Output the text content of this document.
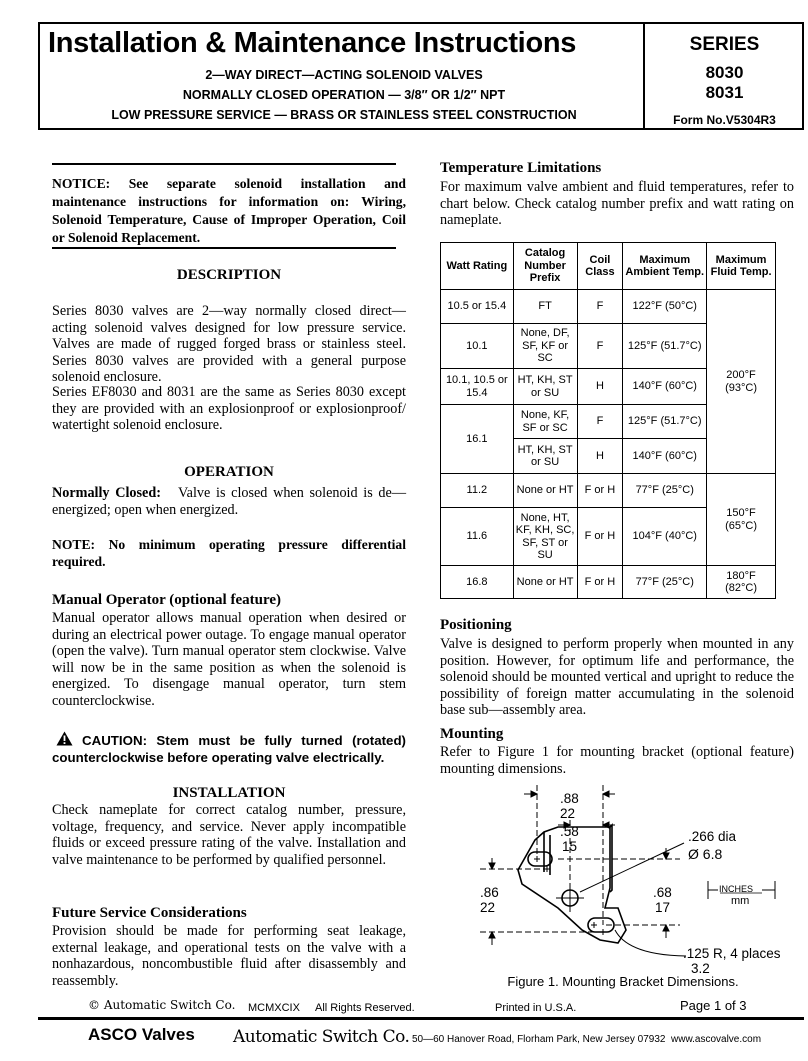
Installation & Maintenance Instructions
2—WAY DIRECT—ACTING SOLENOID VALVES
NORMALLY CLOSED OPERATION — 3/8″ OR 1/2″ NPT
LOW PRESSURE SERVICE — BRASS OR STAINLESS STEEL CONSTRUCTION
SERIES
8030
8031
Form No.V5304R3
NOTICE: See separate solenoid installation and maintenance instructions for information on: Wiring, Solenoid Temperature, Cause of Improper Operation, Coil or Solenoid Replacement.
DESCRIPTION
Series 8030 valves are 2—way normally closed direct—acting solenoid valves designed for low pressure service. Valves are made of rugged forged brass or stainless steel. Series 8030 valves are provided with a general purpose solenoid enclosure.
Series EF8030 and 8031 are the same as Series 8030 except they are provided with an explosionproof or explosionproof/ watertight solenoid enclosure.
OPERATION
Normally Closed: Valve is closed when solenoid is de—energized; open when energized.
NOTE: No minimum operating pressure differential required.
Manual Operator (optional feature)
Manual operator allows manual operation when desired or during an electrical power outage. To engage manual operator (open the valve). Turn manual operator stem clockwise. Valve will now be in the same position as when the solenoid is energized. To disengage manual operator, turn stem counterclockwise.
CAUTION: Stem must be fully turned (rotated) counterclockwise before operating valve electrically.
INSTALLATION
Check nameplate for correct catalog number, pressure, voltage, frequency, and service. Never apply incompatible fluids or exceed pressure rating of the valve. Installation and valve maintenance to be performed by qualified personnel.
Future Service Considerations
Provision should be made for performing seat leakage, external leakage, and operational tests on the valve with a nonhazardous, noncombustible fluid after disassembly and reassembly.
Temperature Limitations
For maximum valve ambient and fluid temperatures, refer to chart below. Check catalog number prefix and watt rating on nameplate.
Watt Rating	Catalog Number Prefix	Coil Class	Maximum Ambient Temp.	Maximum Fluid Temp.
10.5 or 15.4	FT	F	122°F (50°C)	200°F (93°C)
10.1	None, DF, SF, KF or SC	F	125°F (51.7°C)	
10.1, 10.5 or 15.4	HT, KH, ST or SU	H	140°F (60°C)	
16.1	None, KF, SF or SC	F	125°F (51.7°C)	
	HT, KH, ST or SU	H	140°F (60°C)	
11.2	None or HT	F or H	77°F (25°C)	150°F (65°C)
11.6	None, HT, KF, KH, SC, SF, ST or SU	F or H	104°F (40°C)	
16.8	None or HT	F or H	77°F (25°C)	180°F (82°C)
Positioning
Valve is designed to perform properly when mounted in any position. However, for optimum life and performance, the solenoid should be mounted vertical and upright to reduce the possibility of foreign matter accumulating in the solenoid base sub—assembly area.
Mounting
Refer to Figure 1 for mounting bracket (optional feature) mounting dimensions.
.88
22
.58
15
.266 dia
Ø 6.8
.86
22
.68
17
INCHES
mm
.125 R, 4 places
3.2
Figure 1. Mounting Bracket Dimensions.
© Automatic Switch Co. MCMXCIX All Rights Reserved.	Printed in U.S.A.	Page 1 of 3
ASCO Valves Automatic Switch Co. 50—60 Hanover Road, Florham Park, New Jersey 07932 www.ascovalve.com
